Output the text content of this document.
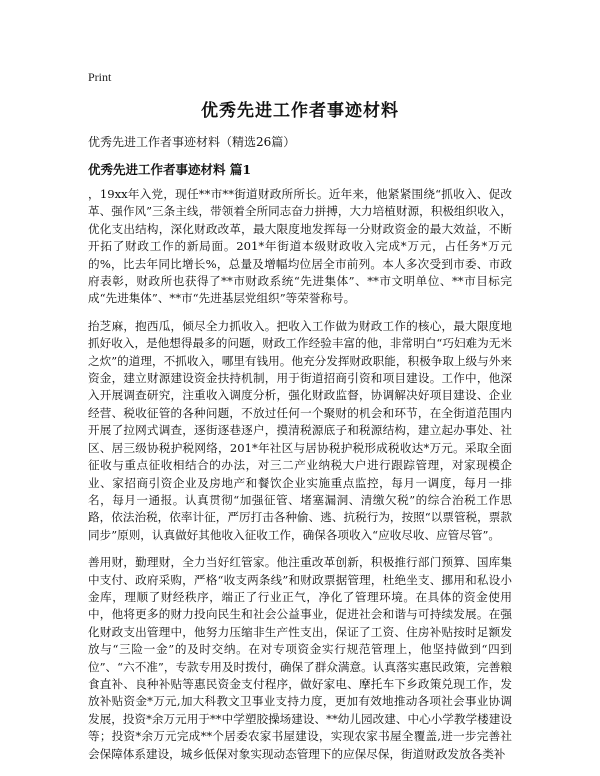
Print
优秀先进工作者事迹材料
优秀先进工作者事迹材料（精选26篇）
优秀先进工作者事迹材料 篇1

，19xx年入党，现任**市**街道财政所所长。近年来，他紧紧围绕“抓收入、促改革、强作风”三条主线，带领着全所同志奋力拼搏，大力培植财源，积极组织收入，优化支出结构，深化财政改革，最大限度地发挥每一分财政资金的最大效益，不断开拓了财政工作的新局面。201*年街道本级财政收入完成*万元，占任务*万元的%，比去年同比增长%，总量及增幅均位居全市前列。本人多次受到市委、市政府表彰，财政所也获得了**市财政系统“先进集体”、**市文明单位、**市目标完成“先进集体”、**市“先进基层党组织”等荣誉称号。

抬芝麻，抱西瓜，倾尽全力抓收入。把收入工作做为财政工作的核心，最大限度地抓好收入，是他想得最多的问题，财政工作经验丰富的他，非常明白“巧妇难为无米之炊”的道理，不抓收入，哪里有钱用。他充分发挥财政职能，积极争取上级与外来资金，建立财源建设资金扶持机制，用于街道招商引资和项目建设。工作中，他深入开展调查研究，注重收入调度分析，强化财政监督，协调解决好项目建设、企业经营、税收征管的各种问题，不放过任何一个聚财的机会和环节，在全街道范围内开展了拉网式调查，逐街逐巷逐户，摸清税源底子和税源结构，建立起办事处、社区、居三级协税护税网络，201*年社区与居协税护税形成税收达*万元。采取全面征收与重点征收相结合的办法，对三二产业纳税大户进行跟踪管理，对家现模企业、家招商引资企业及房地产和餐饮企业实施重点监控，每月一调度，每月一排名，每月一通报。认真贯彻“加强征管、堵塞漏洞、清缴欠税”的综合治税工作思路，依法治税，依率计征，严厉打击各种偷、逃、抗税行为，按照“以票管税，票款同步”原则，认真做好其他收入征收工作，确保各项收入“应收尽收、应管尽管”。

善用财，勤理财，全力当好红管家。他注重改革创新，积极推行部门预算、国库集中支付、政府采购，严格“收支两条线”和财政票据管理，杜绝坐支、挪用和私设小金库，理顺了财经秩序，端正了行业正气，净化了管理环境。在具体的资金使用中，他将更多的财力投向民生和社会公益事业，促进社会和谐与可持续发展。在强化财政支出管理中，他努力压缩非生产性支出，保证了工资、住房补贴按时足额发放与“三险一金”的及时交纳。在对专项资金实行规范管理上，他坚持做到“四到位”、“六不准”，专款专用及时拨付，确保了群众满意。认真落实惠民政策，完善粮食直补、良种补贴等惠民资金支付程序，做好家电、摩托车下乡政策兑现工作，发放补贴资金*万元,加大科教文卫事业支持力度，更加有效地推动各项社会事业协调发展，投资*余万元用于**中学塑胶操场建设、**幼儿园改建、中心小学教学楼建设等；投资*余万元完成**个居委农家书屋建设，实现农家书屋全覆盖,进一步完善社会保障体系建设，城乡低保对象实现动态管理下的应保尽保，街道财政发放各类补
